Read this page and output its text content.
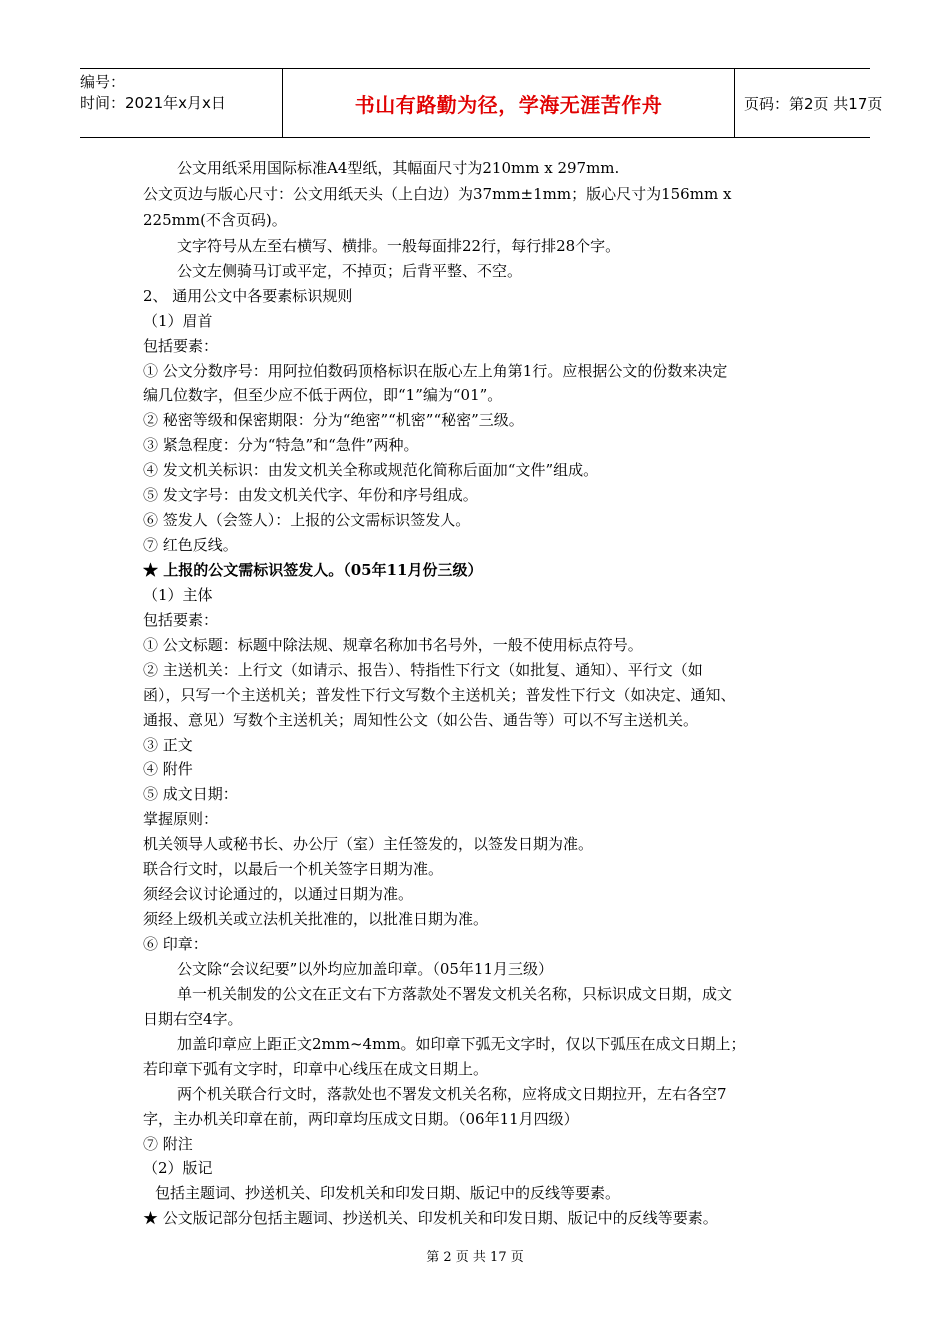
编号：
时间：2021年x月x日	书山有路勤为径，学海无涯苦作舟	页码：第2页 共17页
公文用纸采用国际标准A4型纸，其幅面尺寸为210mm x 297mm.
公文页边与版心尺寸：公文用纸天头（上白边）为37mm±1mm；版心尺寸为156mm x
225mm(不含页码)。
文字符号从左至右横写、横排。一般每面排22行，每行排28个字。
公文左侧骑马订或平定，不掉页；后背平整、不空。
2、 通用公文中各要素标识规则
（1）眉首
包括要素：
① 公文分数序号：用阿拉伯数码顶格标识在版心左上角第1行。应根据公文的份数来决定
编几位数字，但至少应不低于两位，即“1”编为“01”。
② 秘密等级和保密期限：分为“绝密”“机密”“秘密”三级。
③ 紧急程度：分为“特急”和“急件”两种。
④ 发文机关标识：由发文机关全称或规范化简称后面加“文件”组成。
⑤ 发文字号：由发文机关代字、年份和序号组成。
⑥ 签发人（会签人）：上报的公文需标识签发人。
⑦ 红色反线。
★ 上报的公文需标识签发人。（05年11月份三级）
（1）主体
包括要素：
① 公文标题：标题中除法规、规章名称加书名号外，一般不使用标点符号。
② 主送机关：上行文（如请示、报告）、特指性下行文（如批复、通知）、平行文（如
函），只写一个主送机关；普发性下行文写数个主送机关；普发性下行文（如决定、通知、
通报、意见）写数个主送机关；周知性公文（如公告、通告等）可以不写主送机关。
③ 正文
④ 附件
⑤ 成文日期：
掌握原则：
机关领导人或秘书长、办公厅（室）主任签发的，以签发日期为准。
联合行文时，以最后一个机关签字日期为准。
须经会议讨论通过的，以通过日期为准。
须经上级机关或立法机关批准的，以批准日期为准。
⑥ 印章：
公文除“会议纪要”以外均应加盖印章。（05年11月三级）
单一机关制发的公文在正文右下方落款处不署发文机关名称，只标识成文日期，成文
日期右空4字。
加盖印章应上距正文2mm~4mm。如印章下弧无文字时，仅以下弧压在成文日期上；
若印章下弧有文字时，印章中心线压在成文日期上。
两个机关联合行文时，落款处也不署发文机关名称，应将成文日期拉开，左右各空7
字，主办机关印章在前，两印章均压成文日期。（06年11月四级）
⑦ 附注
（2）版记
包括主题词、抄送机关、印发机关和印发日期、版记中的反线等要素。
★ 公文版记部分包括主题词、抄送机关、印发机关和印发日期、版记中的反线等要素。
第 2 页 共 17 页
